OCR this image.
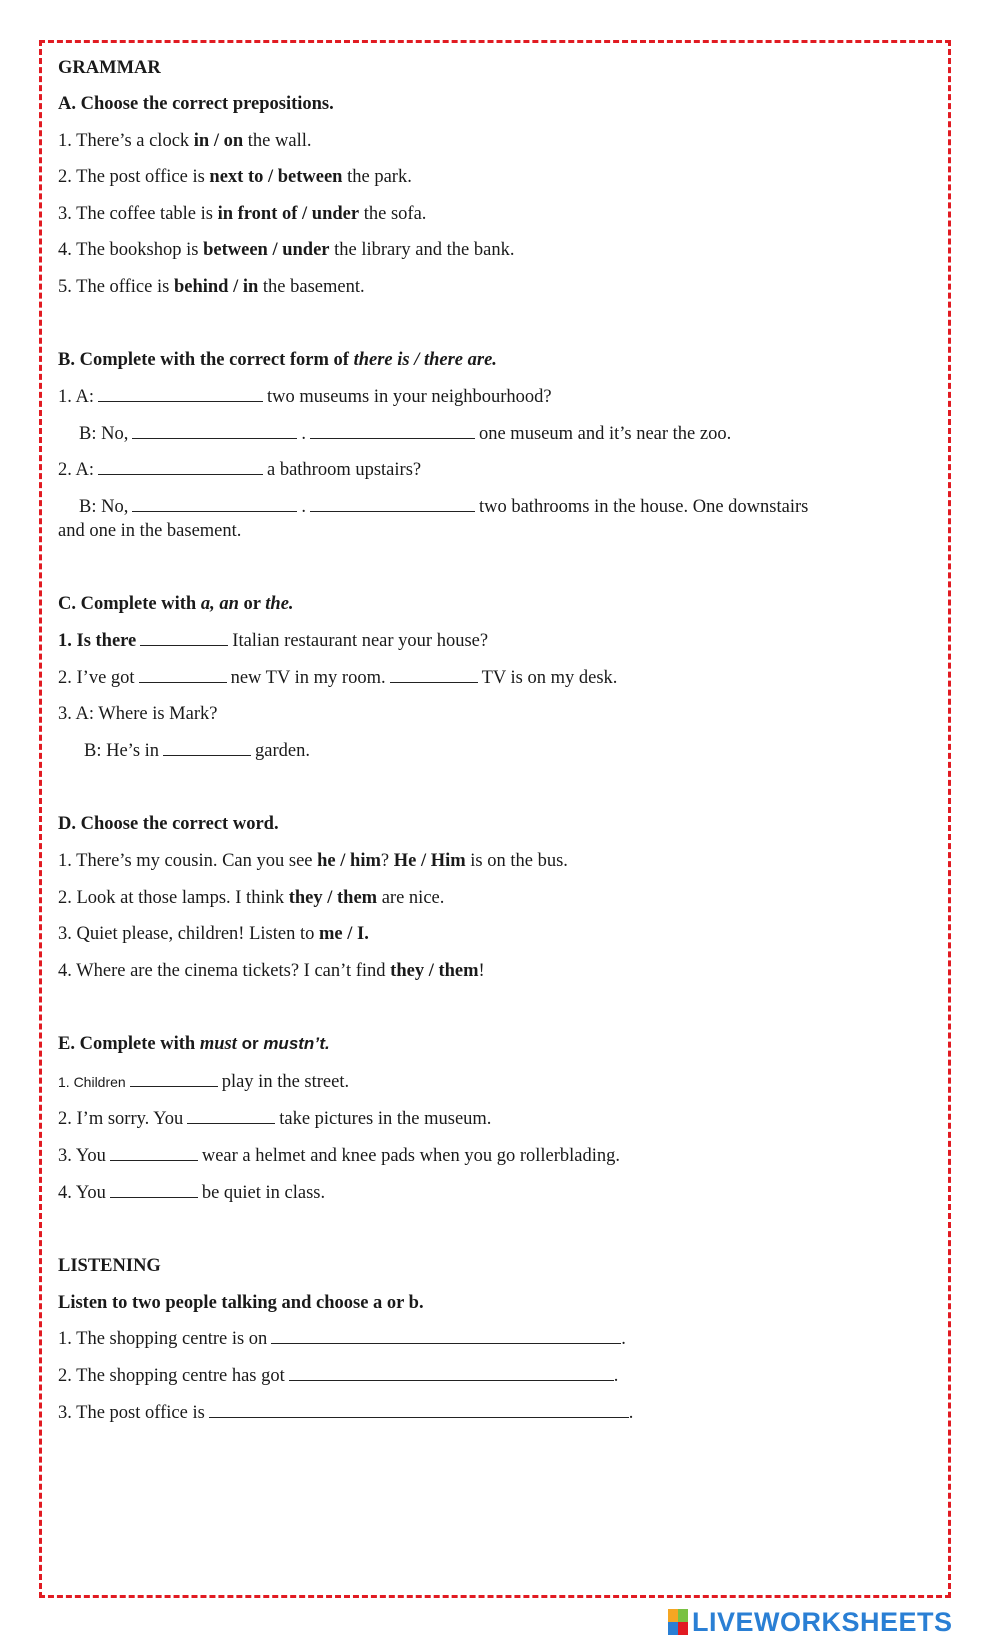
GRAMMAR
A. Choose the correct prepositions.
1. There’s a clock in / on the wall.
2. The post office is next to / between the park.
3. The coffee table is in front of / under the sofa.
4. The bookshop is between / under the library and the bank.
5. The office is behind / in the basement.
B. Complete with the correct form of there is / there are.
1. A:	two museums in your neighbourhood?
B: No,	.	one museum and it’s near the zoo.
2. A:	a bathroom upstairs?
B: No,	.	two bathrooms in the house. One downstairs
and one in the basement.
C. Complete with a, an or the.
1. Is there	Italian restaurant near your house?
2. I’ve got	new TV in my room.	TV is on my desk.
3. A: Where is Mark?
B: He’s in	garden.
D. Choose the correct word.
1. There’s my cousin. Can you see he / him? He / Him is on the bus.
2. Look at those lamps. I think they / them are nice.
3. Quiet please, children! Listen to me / I.
4. Where are the cinema tickets? I can’t find they / them!
E. Complete with must or mustn’t.
1. Children	play in the street.
2. I’m sorry. You	take pictures in the museum.
3. You	wear a helmet and knee pads when you go rollerblading.
4. You	be quiet in class.
LISTENING
Listen to two people talking and choose a or b.
1. The shopping centre is on	.
2. The shopping centre has got	.
3. The post office is	.
LIVEWORKSHEETS
